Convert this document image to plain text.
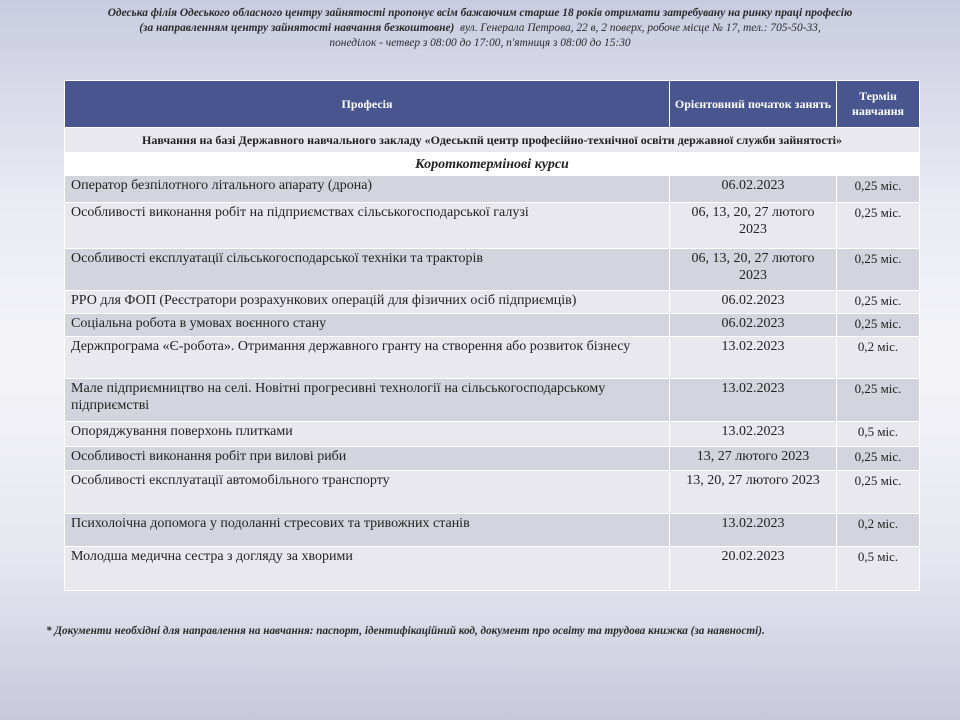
Одеська філія Одеського обласного центру зайнятості пропонує всім бажаючим старше 18 років отримати затребувану на ринку праці професію
(за направленням центру зайнятості навчання безкоштовне) вул. Генерала Петрова, 22 в, 2 поверх, робоче місце № 17, тел.: 705-50-33,
понеділок - четвер з 08:00 до 17:00, п'ятниця з 08:00 до 15:30
Професія	Орієнтовний початок занять	Термін навчання
Навчання на базі Державного навчального закладу «Одеськпй центр професійно-технічної освіти державної служби зайнятості»		
Короткотермінові курси		
Оператор безпілотного літального апарату (дрона)	06.02.2023	0,25 міс.
Особливості виконання робіт на підприємствах сільськогосподарської галузі	06, 13, 20, 27 лютого 2023	0,25 міс.
Особливості експлуатації сільськогосподарської техніки та тракторів	06, 13, 20, 27 лютого 2023	0,25 міс.
РРО для ФОП (Реєстратори розрахункових операцій для фізичних осіб підприємців)	06.02.2023	0,25 міс.
Соціальна робота в умовах воєнного стану	06.02.2023	0,25 міс.
Держпрограма «Є-робота». Отримання державного гранту на створення або розвиток бізнесу	13.02.2023	0,2 міс.
Мале підприємництво на селі. Новітні прогресивні технології на сільськогосподарському підприємстві	13.02.2023	0,25 міс.
Опоряджування поверхонь плитками	13.02.2023	0,5 міс.
Особливості виконання робіт при вилові риби	13, 27 лютого 2023	0,25 міс.
Особливості експлуатації автомобільного транспорту	13, 20, 27 лютого 2023	0,25 міс.
Психолоічна допомога у подоланні стресових та тривожних станів	13.02.2023	0,2 міс.
Молодша медична сестра з догляду за хворими	20.02.2023	0,5 міс.
* Документи необхідні для направлення на навчання: паспорт, ідентифікаційний код, документ про освіту та трудова книжка (за наявності).
